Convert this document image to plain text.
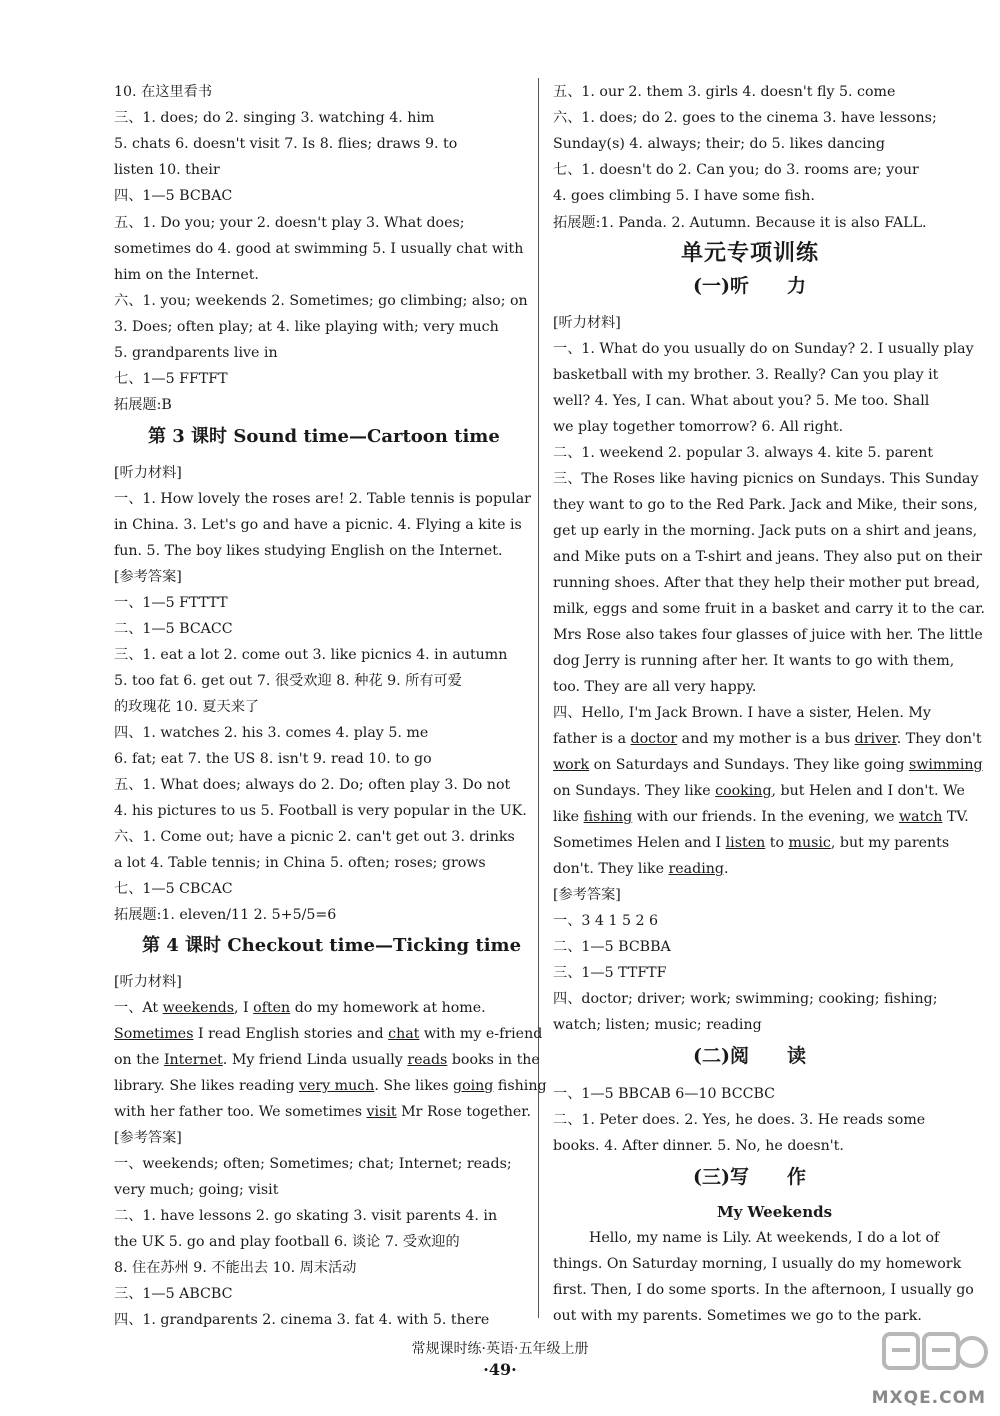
10. 在这里看书
三、1. does; do 2. singing 3. watching 4. him
5. chats 6. doesn't visit 7. Is 8. flies; draws 9. to
listen 10. their
四、1—5 BCBAC
五、1. Do you; your 2. doesn't play 3. What does;
sometimes do 4. good at swimming 5. I usually chat with
him on the Internet.
六、1. you; weekends 2. Sometimes; go climbing; also; on
3. Does; often play; at 4. like playing with; very much
5. grandparents live in
七、1—5 FFTFT
拓展题:B
第 3 课时 Sound time—Cartoon time
[听力材料]
一、1. How lovely the roses are! 2. Table tennis is popular
in China. 3. Let's go and have a picnic. 4. Flying a kite is
fun. 5. The boy likes studying English on the Internet.
[参考答案]
一、1—5 FTTTT
二、1—5 BCACC
三、1. eat a lot 2. come out 3. like picnics 4. in autumn
5. too fat 6. get out 7. 很受欢迎 8. 种花 9. 所有可爱
的玫瑰花 10. 夏天来了
四、1. watches 2. his 3. comes 4. play 5. me
6. fat; eat 7. the US 8. isn't 9. read 10. to go
五、1. What does; always do 2. Do; often play 3. Do not
4. his pictures to us 5. Football is very popular in the UK.
六、1. Come out; have a picnic 2. can't get out 3. drinks
a lot 4. Table tennis; in China 5. often; roses; grows
七、1—5 CBCAC
拓展题:1. eleven/11 2. 5+5/5=6
第 4 课时 Checkout time—Ticking time
[听力材料]
一、At weekends, I often do my homework at home.
Sometimes I read English stories and chat with my e-friend
on the Internet. My friend Linda usually reads books in the
library. She likes reading very much. She likes going fishing
with her father too. We sometimes visit Mr Rose together.
[参考答案]
一、weekends; often; Sometimes; chat; Internet; reads;
very much; going; visit
二、1. have lessons 2. go skating 3. visit parents 4. in
the UK 5. go and play football 6. 谈论 7. 受欢迎的
8. 住在苏州 9. 不能出去 10. 周末活动
三、1—5 ABCBC
四、1. grandparents 2. cinema 3. fat 4. with 5. there
五、1. our 2. them 3. girls 4. doesn't fly 5. come
六、1. does; do 2. goes to the cinema 3. have lessons;
Sunday(s) 4. always; their; do 5. likes dancing
七、1. doesn't do 2. Can you; do 3. rooms are; your
4. goes climbing 5. I have some fish.
拓展题:1. Panda. 2. Autumn. Because it is also FALL.
单元专项训练
(一)听　　力
[听力材料]
一、1. What do you usually do on Sunday? 2. I usually play
basketball with my brother. 3. Really? Can you play it
well? 4. Yes, I can. What about you? 5. Me too. Shall
we play together tomorrow? 6. All right.
二、1. weekend 2. popular 3. always 4. kite 5. parent
三、The Roses like having picnics on Sundays. This Sunday
they want to go to the Red Park. Jack and Mike, their sons,
get up early in the morning. Jack puts on a shirt and jeans,
and Mike puts on a T-shirt and jeans. They also put on their
running shoes. After that they help their mother put bread,
milk, eggs and some fruit in a basket and carry it to the car.
Mrs Rose also takes four glasses of juice with her. The little
dog Jerry is running after her. It wants to go with them,
too. They are all very happy.
四、Hello, I'm Jack Brown. I have a sister, Helen. My
father is a doctor and my mother is a bus driver. They don't
work on Saturdays and Sundays. They like going swimming
on Sundays. They like cooking, but Helen and I don't. We
like fishing with our friends. In the evening, we watch TV.
Sometimes Helen and I listen to music, but my parents
don't. They like reading.
[参考答案]
一、3 4 1 5 2 6
二、1—5 BCBBA
三、1—5 TTFTF
四、doctor; driver; work; swimming; cooking; fishing;
watch; listen; music; reading
(二)阅　　读
一、1—5 BBCAB 6—10 BCCBC
二、1. Peter does. 2. Yes, he does. 3. He reads some
books. 4. After dinner. 5. No, he doesn't.
(三)写　　作
My Weekends
Hello, my name is Lily. At weekends, I do a lot of
things. On Saturday morning, I usually do my homework
first. Then, I do some sports. In the afternoon, I usually go
out with my parents. Sometimes we go to the park.
常规课时练·英语·五年级上册
·49·
MXQE.COM
